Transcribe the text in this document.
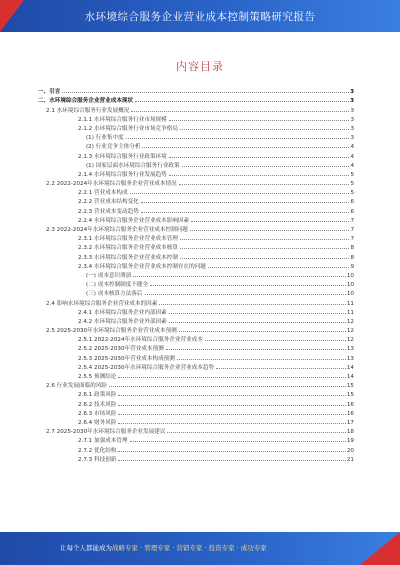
水环境综合服务企业营业成本控制策略研究报告
内容目录
一、引言	3
二、水环境综合服务企业营业成本现状	3
2.1 水环境综合服务行业发展概况	3
2.1.1 水环境综合服务行业市场规模	3
2.1.2 水环境综合服务行业市场竞争格局	3
(1) 行业集中度	3
(2) 行业竞争主体分析	4
2.1.3 水环境综合服务行业政策环境	4
(1) 国家层面水环境综合服务行业政策	4
2.1.4 水环境综合服务行业发展趋势	5
2.2 2022-2024年水环境综合服务企业营业成本情况	5
2.2.1 营业成本构成	5
2.2.2 营业成本结构变化	6
2.2.3 营业成本变动趋势	6
2.2.4 水环境综合服务企业营业成本影响因素	7
2.3 2022-2024年水环境综合服务企业营业成本控制问题	7
2.3.1 水环境综合服务企业营业成本管理	7
2.3.2 水环境综合服务企业营业成本核算	8
2.3.3 水环境综合服务企业营业成本控制	8
2.3.4 水环境综合服务企业营业成本控制存在的问题	9
(一) 成本意识薄弱	10
(二) 成本控制制度不健全	10
(三) 成本核算方法落后	10
2.4 影响水环境综合服务企业营业成本的因素	11
2.4.1 水环境综合服务企业内部因素	11
2.4.2 水环境综合服务企业外部因素	12
2.5 2025-2030年水环境综合服务企业营业成本预测	12
2.5.1 2022-2024年水环境综合服务企业营业成本	12
2.5.2 2025-2030年营业成本预测	13
2.5.3 2025-2030年营业成本构成预测	13
2.5.4 2025-2030年水环境综合服务企业营业成本趋势	14
2.5.5 预测结论	14
2.6 行业发展面临的风险	15
2.6.1 政策风险	15
2.6.2 技术风险	16
2.6.3 市场风险	16
2.6.4 财务风险	17
2.7 2025-2030年水环境综合服务企业发展建议	18
2.7.1 加强成本管理	19
2.7.2 优化结构	20
2.7.3 科技创新	21
让每个人都能成为 战略专家 · 管理专家 · 营销专家 · 投资专家 · 成功专家
